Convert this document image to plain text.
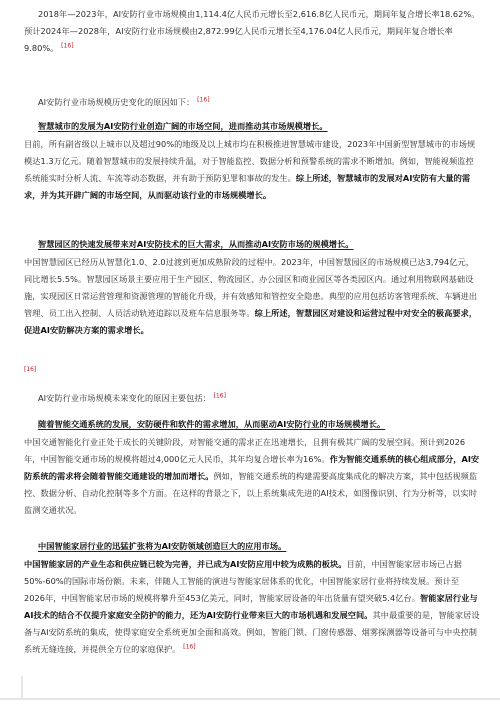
2018年—2023年，AI安防行业市场规模由1,114.4亿人民币元增长至2,616.8亿人民币元，期间年复合增长率18.62%。预计2024年—2028年，AI安防行业市场规模由2,872.99亿人民币元增长至4,176.04亿人民币元，期间年复合增长率9.80%。 [16]
AI安防行业市场规模历史变化的原因如下： [16]
智慧城市的发展为AI安防行业创造广阔的市场空间，进而推动其市场规模增长。
目前，所有副省级以上城市以及超过90%的地级及以上城市均在积极推进智慧城市建设，2023年中国新型智慧城市的市场规模达1.3万亿元。随着智慧城市的发展持续升温，对于智能监控、数据分析和预警系统的需求不断增加。例如，智能视频监控系统能实时分析人流、车流等动态数据，并有助于预防犯罪和事故的发生。综上所述，智慧城市的发展对AI安防有大量的需求，并为其开辟广阔的市场空间，从而驱动该行业的市场规模增长。
智慧园区的快速发展带来对AI安防技术的巨大需求，从而推动AI安防市场的规模增长。
中国智慧园区已经历从智慧化1.0、2.0过渡到更加成熟阶段的过程中。2023年，中国智慧园区的市场规模已达3,794亿元，同比增长5.5%。智慧园区场景主要应用于生产园区、物流园区、办公园区和商业园区等各类园区内。通过利用物联网基础设施，实现园区日常运营管理和资源管理的智能化升级，并有效感知和管控安全隐患。典型的应用包括访客管理系统、车辆进出管理、员工出入控制、人员活动轨迹追踪以及班车信息服务等。综上所述，智慧园区对建设和运营过程中对安全的极高要求，促进AI安防解决方案的需求增长。
[16]
AI安防行业市场规模未来变化的原因主要包括： [16]
随着智能交通系统的发展，安防硬件和软件的需求增加，从而驱动AI安防行业的市场规模增长。
中国交通智能化行业正处于成长的关键阶段，对智能交通的需求正在迅速增长，且拥有极其广阔的发展空间。预计到2026年，中国智能交通市场的规模将超过4,000亿元人民币，其年均复合增长率为16%。作为智能交通系统的核心组成部分，AI安防系统的需求将会随着智能交通建设的增加而增长。例如，智能交通系统的构建需要高度集成化的解决方案，其中包括视频监控、数据分析、自动化控制等多个方面。在这样的背景之下，以上系统集成先进的AI技术，如图像识别、行为分析等，以实时监测交通状况。
中国智能家居行业的迅猛扩张将为AI安防领域创造巨大的应用市场。
中国智能家居的产业生态和供应链已较为完善，并已成为AI安防应用中较为成熟的板块。目前，中国智能家居市场已占据50%-60%的国际市场份额。未来，伴随人工智能的演进与智能家居体系的优化，中国智能家居行业将持续发展。预计至2026年，中国智能家居市场的规模将攀升至453亿美元，同时，智能家居设备的年出货量有望突破5.4亿台。智能家居行业与AI技术的结合不仅提升家庭安全防护的能力，还为AI安防行业带来巨大的市场机遇和发展空间。其中最重要的是，智能家居设备与AI安防系统的集成，使得家庭安全系统更加全面和高效。例如，智能门锁、门窗传感器、烟雾探测器等设备可与中央控制系统无缝连接，并提供全方位的家庭保护。 [16]
